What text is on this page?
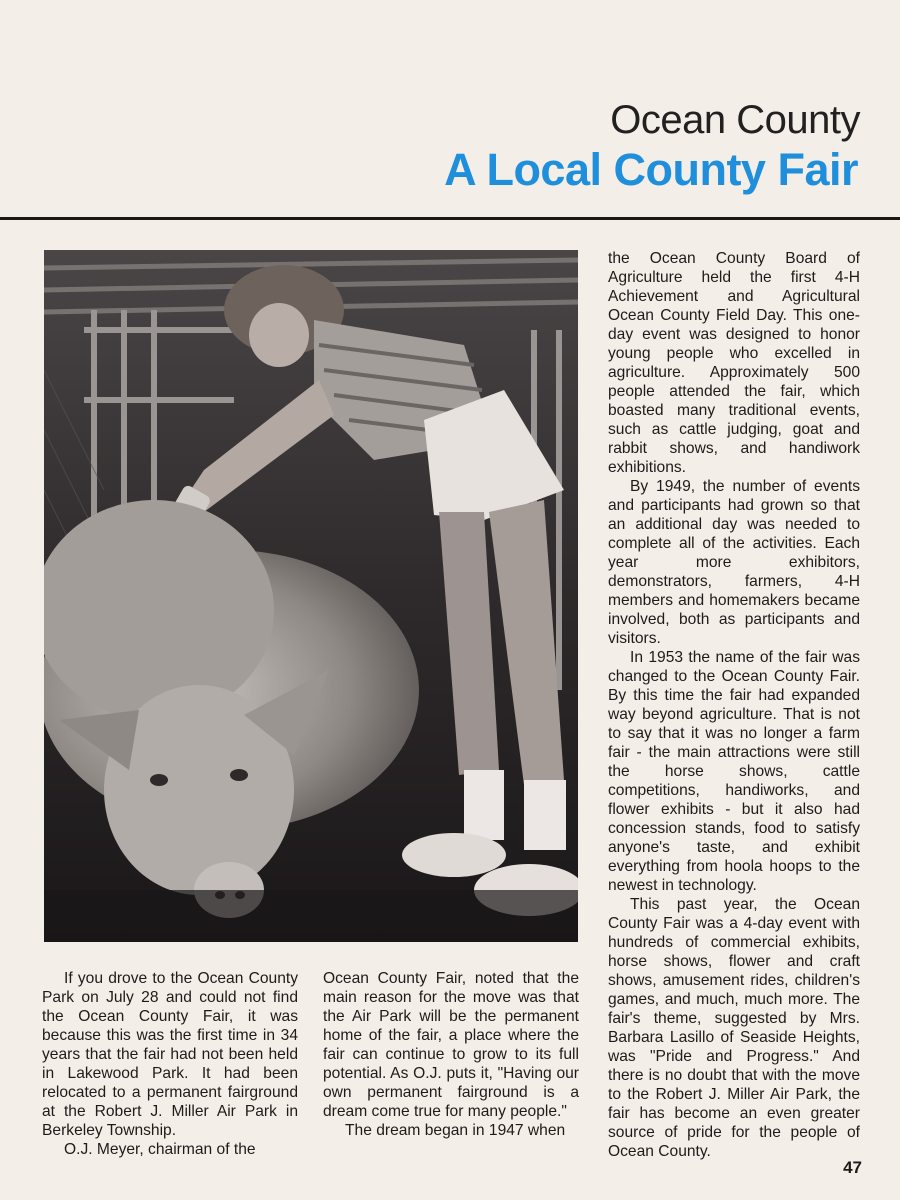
Ocean County
A Local County Fair

the Ocean County Board of Agriculture held the first 4-H Achievement and Agricultural Ocean County Field Day. This one-day event was designed to honor young people who excelled in agriculture. Approximately 500 people attended the fair, which boasted many traditional events, such as cattle judging, goat and rabbit shows, and handiwork exhibitions.

By 1949, the number of events and participants had grown so that an additional day was needed to complete all of the activities. Each year more exhibitors, demonstrators, farmers, 4-H members and homemakers became involved, both as participants and visitors.

In 1953 the name of the fair was changed to the Ocean County Fair. By this time the fair had expanded way beyond agriculture. That is not to say that it was no longer a farm fair - the main attractions were still the horse shows, cattle competitions, handiworks, and flower exhibits - but it also had concession stands, food to satisfy anyone's taste, and exhibit everything from hoola hoops to the newest in technology.

This past year, the Ocean County Fair was a 4-day event with hundreds of commercial exhibits, horse shows, flower and craft shows, amusement rides, children's games, and much, much more. The fair's theme, suggested by Mrs. Barbara Lasillo of Seaside Heights, was "Pride and Progress." And there is no doubt that with the move to the Robert J. Miller Air Park, the fair has become an even greater source of pride for the people of Ocean County.

If you drove to the Ocean County Park on July 28 and could not find the Ocean County Fair, it was because this was the first time in 34 years that the fair had not been held in Lakewood Park. It had been relocated to a permanent fairground at the Robert J. Miller Air Park in Berkeley Township.

O.J. Meyer, chairman of the

Ocean County Fair, noted that the main reason for the move was that the Air Park will be the permanent home of the fair, a place where the fair can continue to grow to its full potential. As O.J. puts it, "Having our own permanent fairground is a dream come true for many people."

The dream began in 1947 when

47
